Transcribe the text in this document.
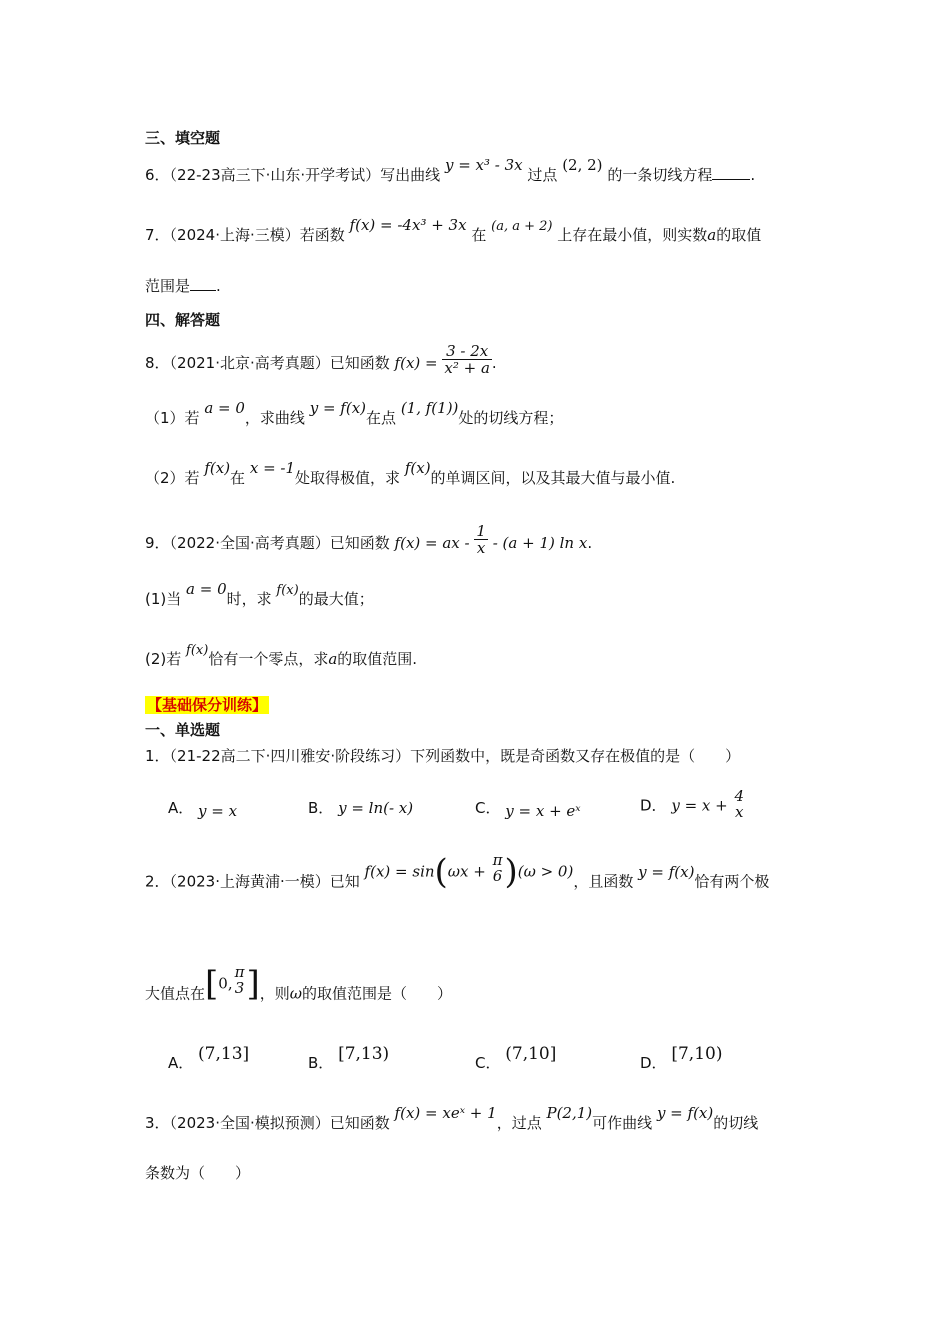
三、填空题
6．（22-23高三下·山东·开学考试）写出曲线 y = x³ - 3x 过点 (2, 2) 的一条切线方程	.
7．（2024·上海·三模）若函数 f(x) = -4x³ + 3x 在 (a, a + 2) 上存在最小值，则实数a的取值
范围是 .
四、解答题
8．（2021·北京·高考真题）已知函数 $f(x) = \frac{3 - 2x}{\text{x² + a}}$ .
（1）若 a = 0，求曲线 y = f(x)在点 (1, f(1))处的切线方程；
（2）若 f(x)在 x = -1处取得极值，求 f(x)的单调区间，以及其最大值与最小值.
9．（2022·全国·高考真题）已知函数 f(x) = ax - $\frac{1}{x} - (a + 1)$ ln x.
(1)当 a = 0时，求 f(x)的最大值；
(2)若 f(x)恰有一个零点，求a的取值范围.
【基础保分训练】
一、单选题
1．（21-22高二下·四川雅安·阶段练习）下列函数中，既是奇函数又存在极值的是（　　）
A． y = x	B． y = ln(- x)	C． y = x + eˣ	D． y = x +
4
x
2．（2023·上海黄浦·一模）已知 f(x) = sin(ωx +
π
6 )(ω > 0)，且函数 y = f(x)恰有两个极
大值点在[0,
π
3 ]，则ω的取值范围是（　　）
A． (7,13]	B． [7,13)	C． (7,10]	D． [7,10)
3．（2023·全国·模拟预测）已知函数 f(x) = xeˣ + 1，过点 P(2,1)可作曲线 y = f(x)的切线
条数为（　　）
